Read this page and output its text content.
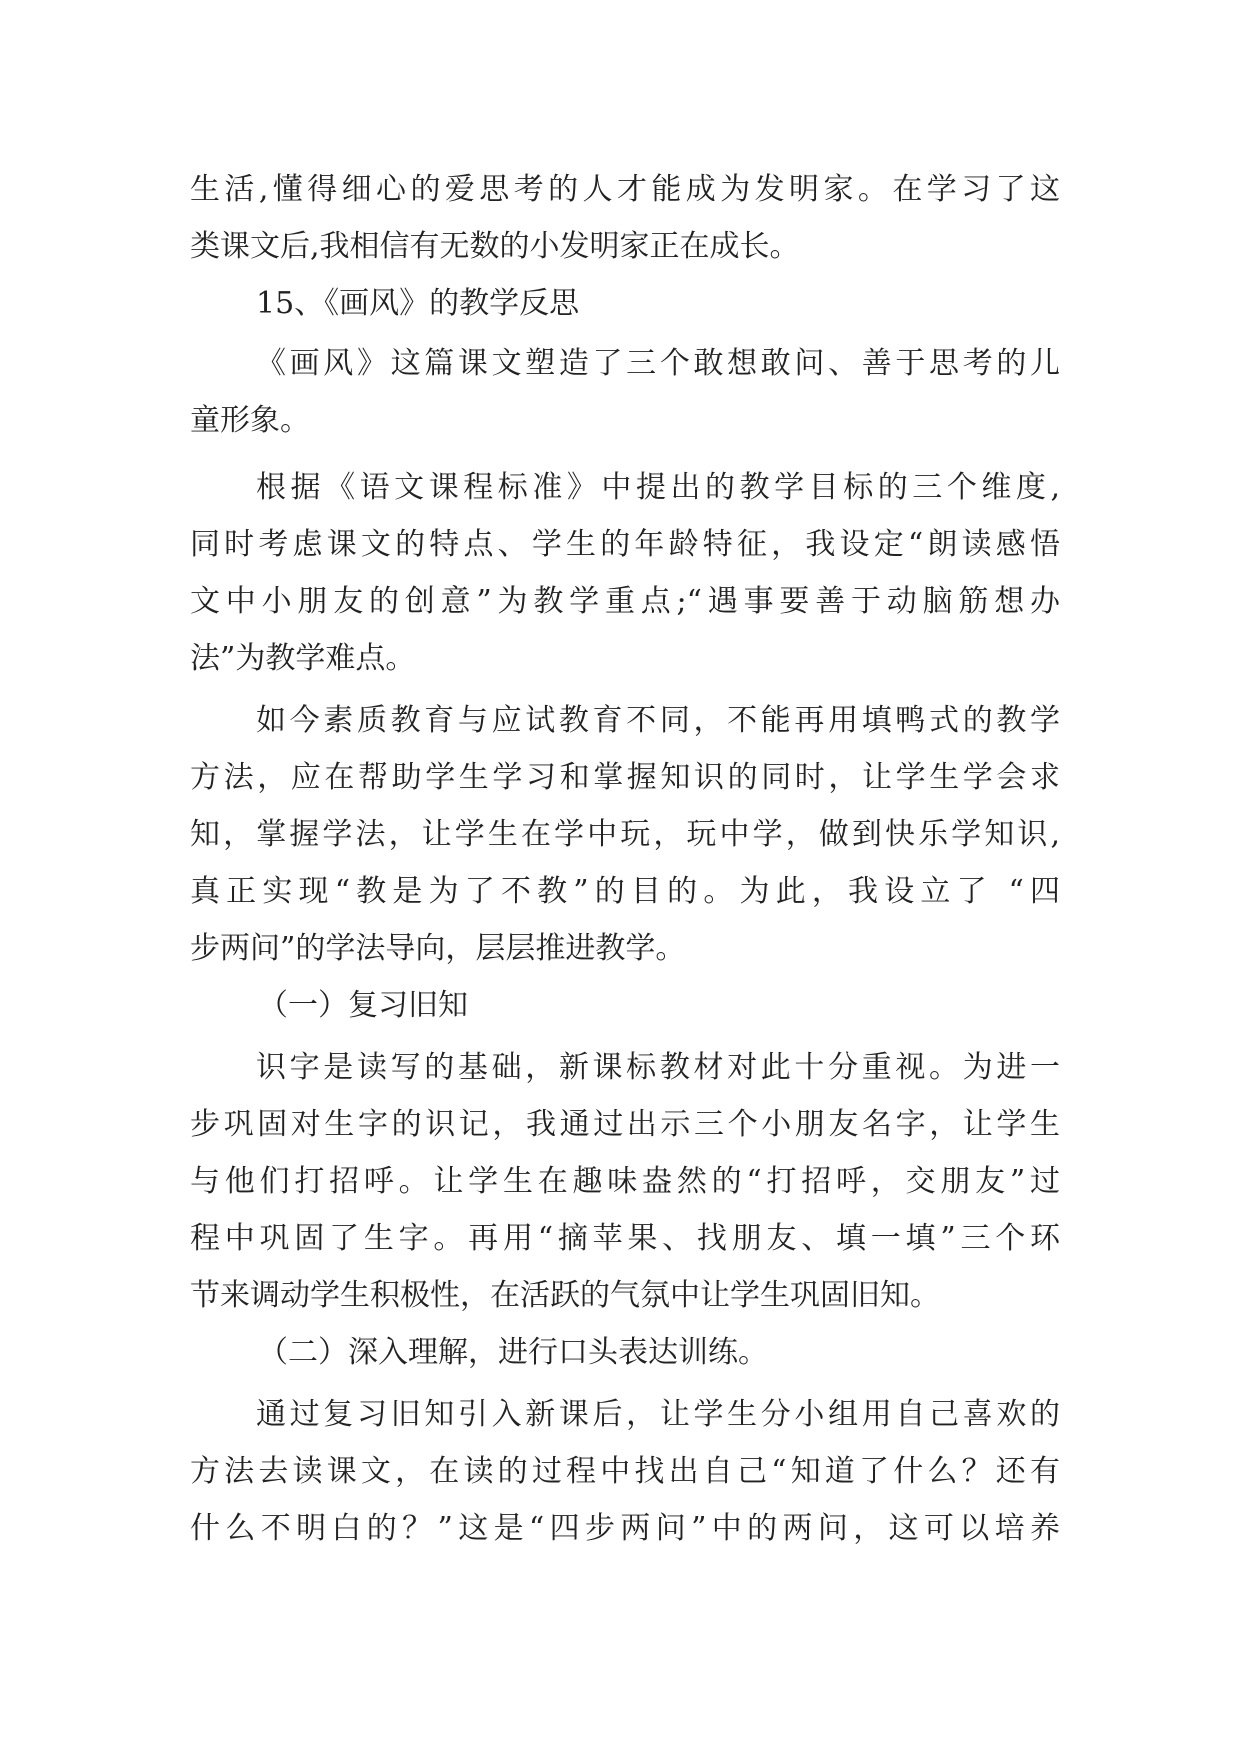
生活,懂得细心的爱思考的人才能成为发明家。在学习了这
类课文后,我相信有无数的小发明家正在成长。
15、《画风》的教学反思
《画风》这篇课文塑造了三个敢想敢问、善于思考的儿
童形象。
根据《语文课程标准》中提出的教学目标的三个维度,
同时考虑课文的特点、学生的年龄特征，我设定“朗读感悟
文中小朋友的创意”为教学重点;“遇事要善于动脑筋想办
法”为教学难点。
如今素质教育与应试教育不同，不能再用填鸭式的教学
方法，应在帮助学生学习和掌握知识的同时，让学生学会求
知，掌握学法，让学生在学中玩，玩中学，做到快乐学知识,
真正实现“教是为了不教”的目的。为此，我设立了 “四
步两问”的学法导向，层层推进教学。
（一）复习旧知
识字是读写的基础，新课标教材对此十分重视。为进一
步巩固对生字的识记，我通过出示三个小朋友名字，让学生
与他们打招呼。让学生在趣味盎然的“打招呼，交朋友”过
程中巩固了生字。再用“摘苹果、找朋友、填一填”三个环
节来调动学生积极性，在活跃的气氛中让学生巩固旧知。
（二）深入理解，进行口头表达训练。
通过复习旧知引入新课后，让学生分小组用自己喜欢的
方法去读课文，在读的过程中找出自己“知道了什么？还有
什么不明白的？”这是“四步两问”中的两问，这可以培养
